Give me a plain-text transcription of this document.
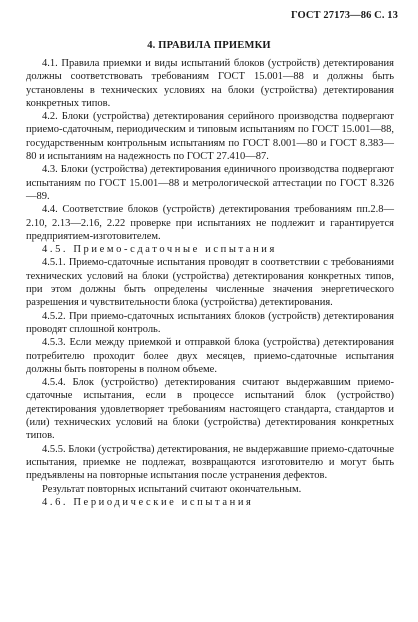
ГОСТ 27173—86 С. 13
4. ПРАВИЛА ПРИЕМКИ

4.1. Правила приемки и виды испытаний блоков (устройств) детектирования должны соответствовать требованиям ГОСТ 15.001—88 и должны быть установлены в технических условиях на блоки (устройства) детектирования конкретных типов.

4.2. Блоки (устройства) детектирования серийного производства подвергают приемо-сдаточным, периодическим и типовым испытаниям по ГОСТ 15.001—88, государственным контрольным испытаниям по ГОСТ 8.001—80 и ГОСТ 8.383—80 и испытаниям на надежность по ГОСТ 27.410—87.

4.3. Блоки (устройства) детектирования единичного производства подвергают испытаниям по ГОСТ 15.001—88 и метрологической аттестации по ГОСТ 8.326—89.

4.4. Соответствие блоков (устройств) детектирования требованиям пп.2.8—2.10, 2.13—2.16, 2.22 проверке при испытаниях не подлежит и гарантируется предприятием-изготовителем.

4.5. Приемо-сдаточные испытания

4.5.1. Приемо-сдаточные испытания проводят в соответствии с требованиями технических условий на блоки (устройства) детектирования конкретных типов, при этом должны быть определены численные значения энергетического разрешения и чувствительности блока (устройства) детектирования.

4.5.2. При приемо-сдаточных испытаниях блоков (устройств) детектирования проводят сплошной контроль.

4.5.3. Если между приемкой и отправкой блока (устройства) детектирования потребителю проходит более двух месяцев, приемо-сдаточные испытания должны быть повторены в полном объеме.

4.5.4. Блок (устройство) детектирования считают выдержавшим приемо-сдаточные испытания, если в процессе испытаний блок (устройство) детектирования удовлетворяет требованиям настоящего стандарта, стандартов и (или) технических условий на блоки (устройства) детектирования конкретных типов.

4.5.5. Блоки (устройства) детектирования, не выдержавшие приемо-сдаточные испытания, приемке не подлежат, возвращаются изготовителю и могут быть предъявлены на повторные испытания после устранения дефектов.

Результат повторных испытаний считают окончательным.

4.6. Периодические испытания
